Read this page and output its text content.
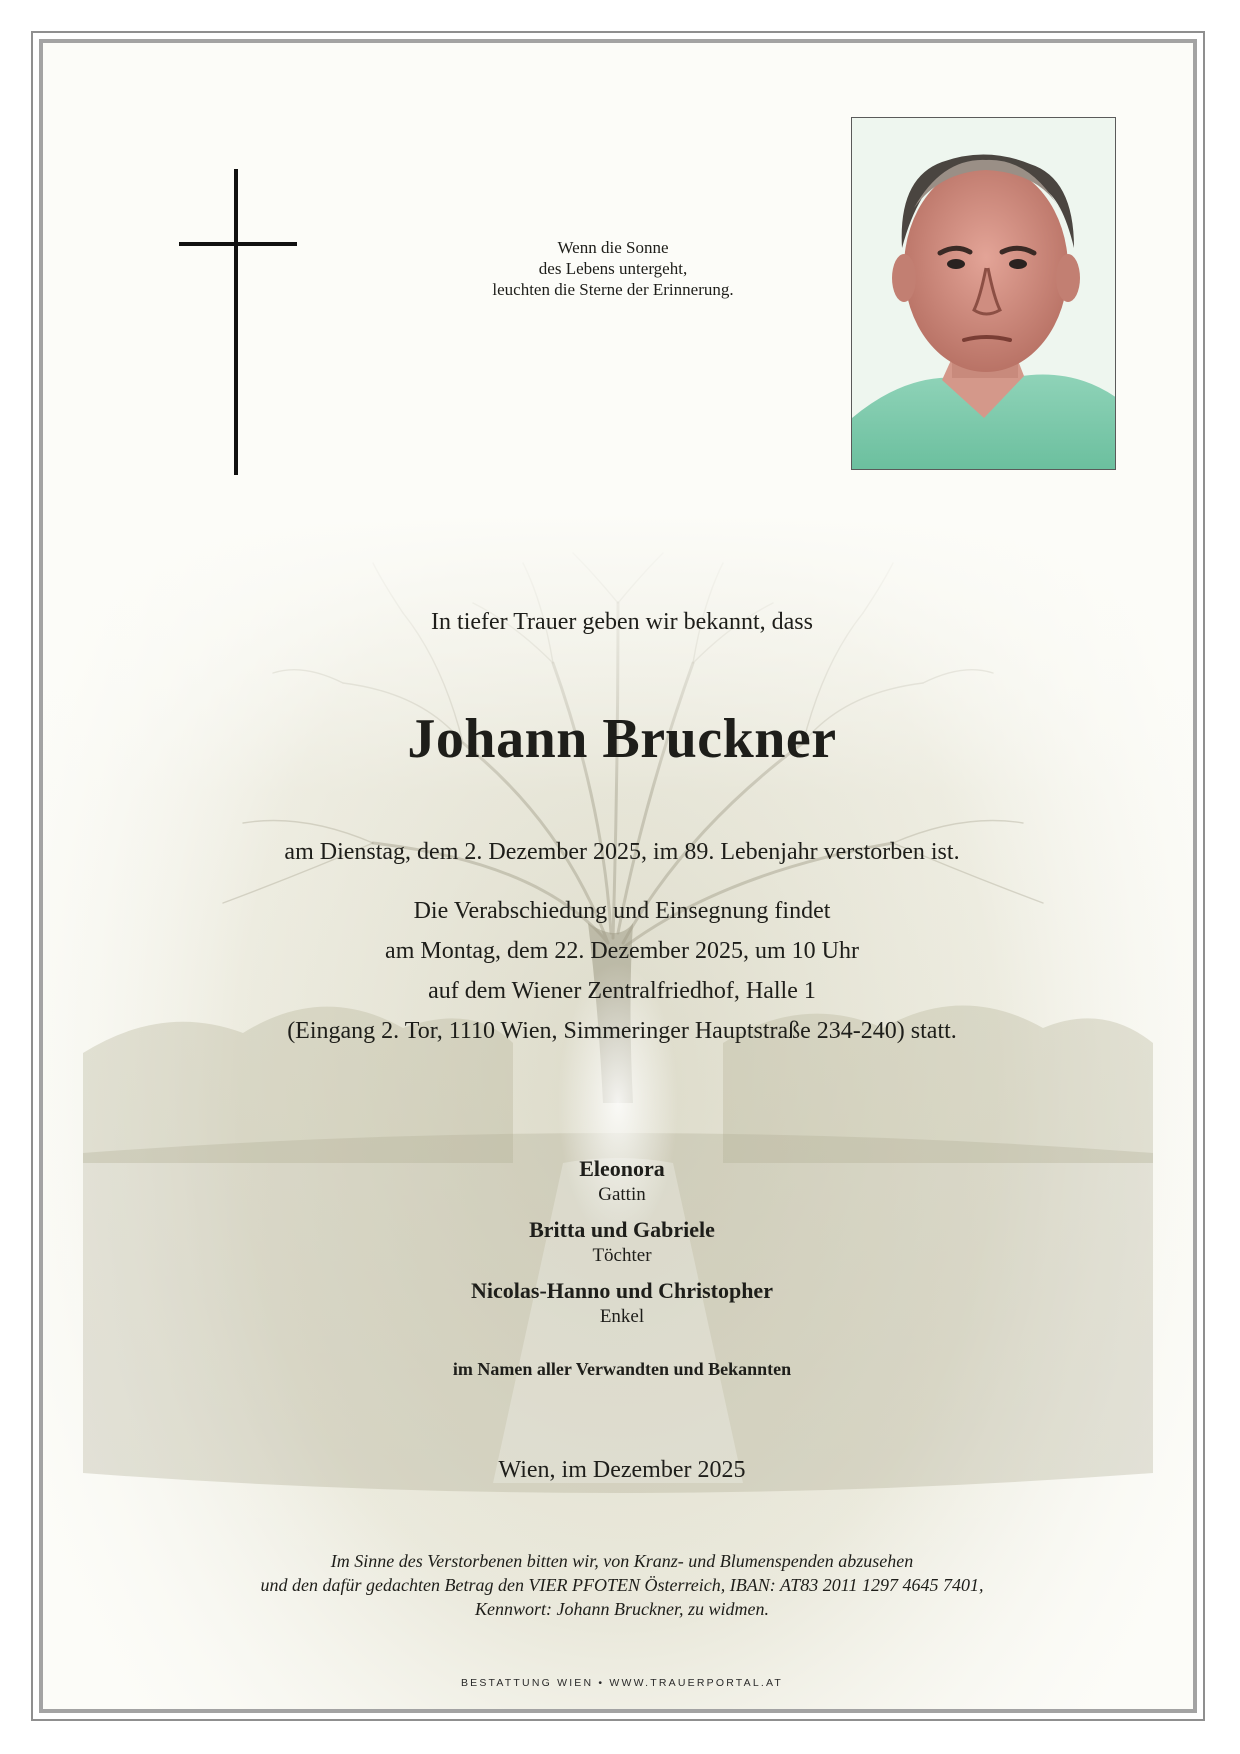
Wenn die Sonne
des Lebens untergeht,
leuchten die Sterne der Erinnerung.
In tiefer Trauer geben wir bekannt, dass
Johann Bruckner
am Dienstag, dem 2. Dezember 2025, im 89. Lebenjahr verstorben ist.
Die Verabschiedung und Einsegnung findet
am Montag, dem 22. Dezember 2025, um 10 Uhr
auf dem Wiener Zentralfriedhof, Halle 1
(Eingang 2. Tor, 1110 Wien, Simmeringer Hauptstraße 234-240) statt.
Eleonora
Gattin
Britta und Gabriele
Töchter
Nicolas-Hanno und Christopher
Enkel
im Namen aller Verwandten und Bekannten
Wien, im Dezember 2025
Im Sinne des Verstorbenen bitten wir, von Kranz- und Blumenspenden abzusehen
und den dafür gedachten Betrag den VIER PFOTEN Österreich, IBAN: AT83 2011 1297 4645 7401,
Kennwort: Johann Bruckner, zu widmen.
BESTATTUNG WIEN • WWW.TRAUERPORTAL.AT
